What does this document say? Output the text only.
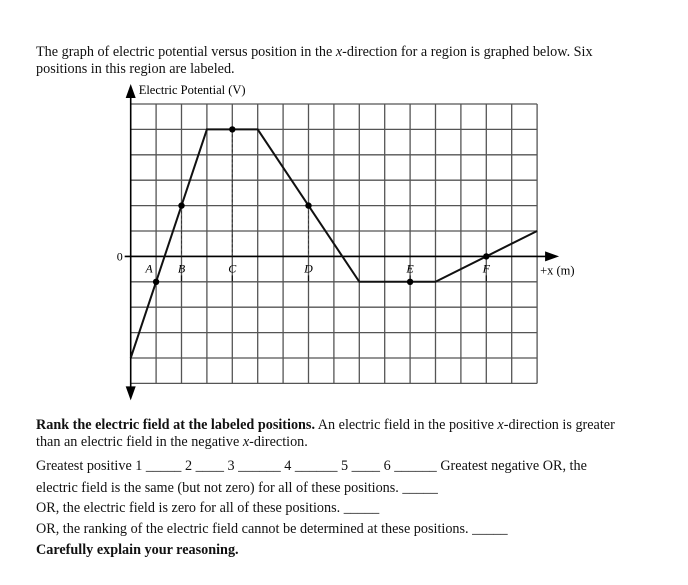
The graph of electric potential versus position in the x-direction for a region is graphed below. Six
positions in this region are labeled.

Electric Potential (V)
+x (m)
0
A B	C	D	E	F

Rank the electric field at the labeled positions. An electric field in the positive x-direction is greater
than an electric field in the negative x-direction.

Greatest positive 1 _____ 2 ____ 3 ______ 4 ______ 5 ____ 6 ______ Greatest negative OR, the

electric field is the same (but not zero) for all of these positions. _____

OR, the electric field is zero for all of these positions. _____

OR, the ranking of the electric field cannot be determined at these positions. _____

Carefully explain your reasoning.
